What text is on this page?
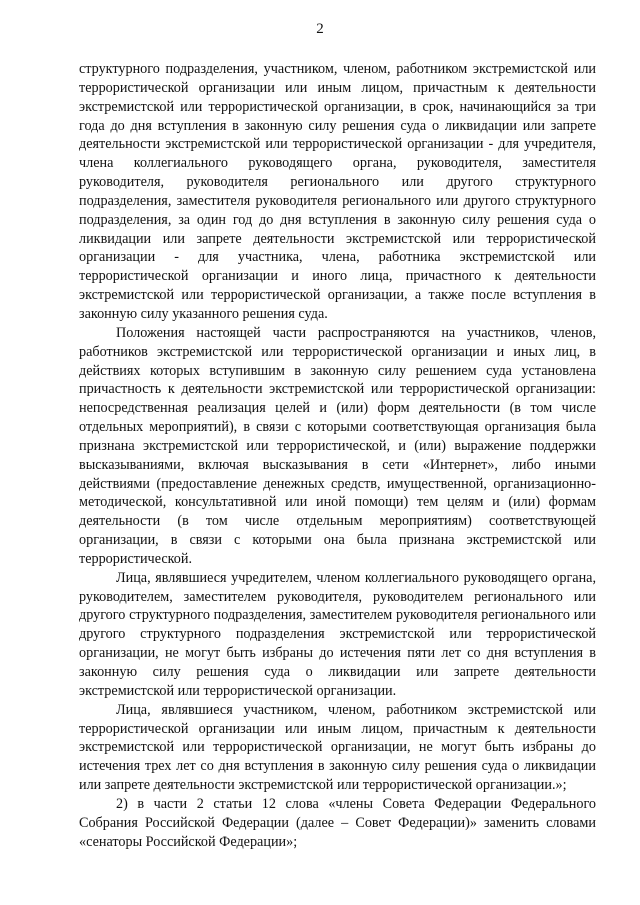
2

структурного подразделения, участником, членом, работником экстремистской или террористической организации или иным лицом, причастным к деятельности экстремистской или террористической организации, в срок, начинающийся за три года до дня вступления в законную силу решения суда о ликвидации или запрете деятельности экстремистской или террористической организации - для учредителя, члена коллегиального руководящего органа, руководителя, заместителя руководителя, руководителя регионального или другого структурного подразделения, заместителя руководителя регионального или другого структурного подразделения, за один год до дня вступления в законную силу решения суда о ликвидации или запрете деятельности экстремистской или террористической организации - для участника, члена, работника экстремистской или террористической организации и иного лица, причастного к деятельности экстремистской или террористической организации, а также после вступления в законную силу указанного решения суда.

Положения настоящей части распространяются на участников, членов, работников экстремистской или террористической организации и иных лиц, в действиях которых вступившим в законную силу решением суда установлена причастность к деятельности экстремистской или террористической организации: непосредственная реализация целей и (или) форм деятельности (в том числе отдельных мероприятий), в связи с которыми соответствующая организация была признана экстремистской или террористической, и (или) выражение поддержки высказываниями, включая высказывания в сети «Интернет», либо иными действиями (предоставление денежных средств, имущественной, организационно-методической, консультативной или иной помощи) тем целям и (или) формам деятельности (в том числе отдельным мероприятиям) соответствующей организации, в связи с которыми она была признана экстремистской или террористической.

Лица, являвшиеся учредителем, членом коллегиального руководящего органа, руководителем, заместителем руководителя, руководителем регионального или другого структурного подразделения, заместителем руководителя регионального или другого структурного подразделения экстремистской или террористической организации, не могут быть избраны до истечения пяти лет со дня вступления в законную силу решения суда о ликвидации или запрете деятельности экстремистской или террористической организации.

Лица, являвшиеся участником, членом, работником экстремистской или террористической организации или иным лицом, причастным к деятельности экстремистской или террористической организации, не могут быть избраны до истечения трех лет со дня вступления в законную силу решения суда о ликвидации или запрете деятельности экстремистской или террористической организации.»;

2) в части 2 статьи 12 слова «члены Совета Федерации Федерального Собрания Российской Федерации (далее – Совет Федерации)» заменить словами «сенаторы Российской Федерации»;
